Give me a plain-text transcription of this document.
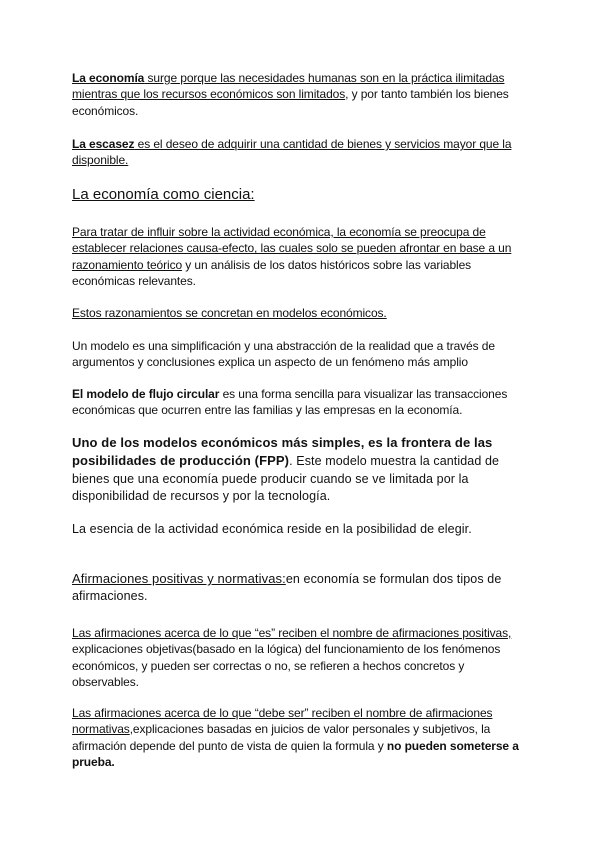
La economía surge porque las necesidades humanas son en la práctica ilimitadas mientras que los recursos económicos son limitados, y por tanto también los bienes económicos.

La escasez es el deseo de adquirir una cantidad de bienes y servicios mayor que la disponible.

La economía como ciencia:

Para tratar de influir sobre la actividad económica, la economía se preocupa de establecer relaciones causa-efecto, las cuales solo se pueden afrontar en base a un razonamiento teórico y un análisis de los datos históricos sobre las variables económicas relevantes.

Estos razonamientos se concretan en modelos económicos.

Un modelo es una simplificación y una abstracción de la realidad que a través de argumentos y conclusiones explica un aspecto de un fenómeno más amplio

El modelo de flujo circular es una forma sencilla para visualizar las transacciones económicas que ocurren entre las familias y las empresas en la economía.

Uno de los modelos económicos más simples, es la frontera de las posibilidades de producción (FPP). Este modelo muestra la cantidad de bienes que una economía puede producir cuando se ve limitada por la disponibilidad de recursos y por la tecnología.

La esencia de la actividad económica reside en la posibilidad de elegir.

Afirmaciones positivas y normativas:en economía se formulan dos tipos de afirmaciones.

Las afirmaciones acerca de lo que “es” reciben el nombre de afirmaciones positivas, explicaciones objetivas(basado en la lógica) del funcionamiento de los fenómenos económicos, y pueden ser correctas o no, se refieren a hechos concretos y observables.

Las afirmaciones acerca de lo que “debe ser” reciben el nombre de afirmaciones normativas,explicaciones basadas en juicios de valor personales y subjetivos, la afirmación depende del punto de vista de quien la formula y no pueden someterse a prueba.
